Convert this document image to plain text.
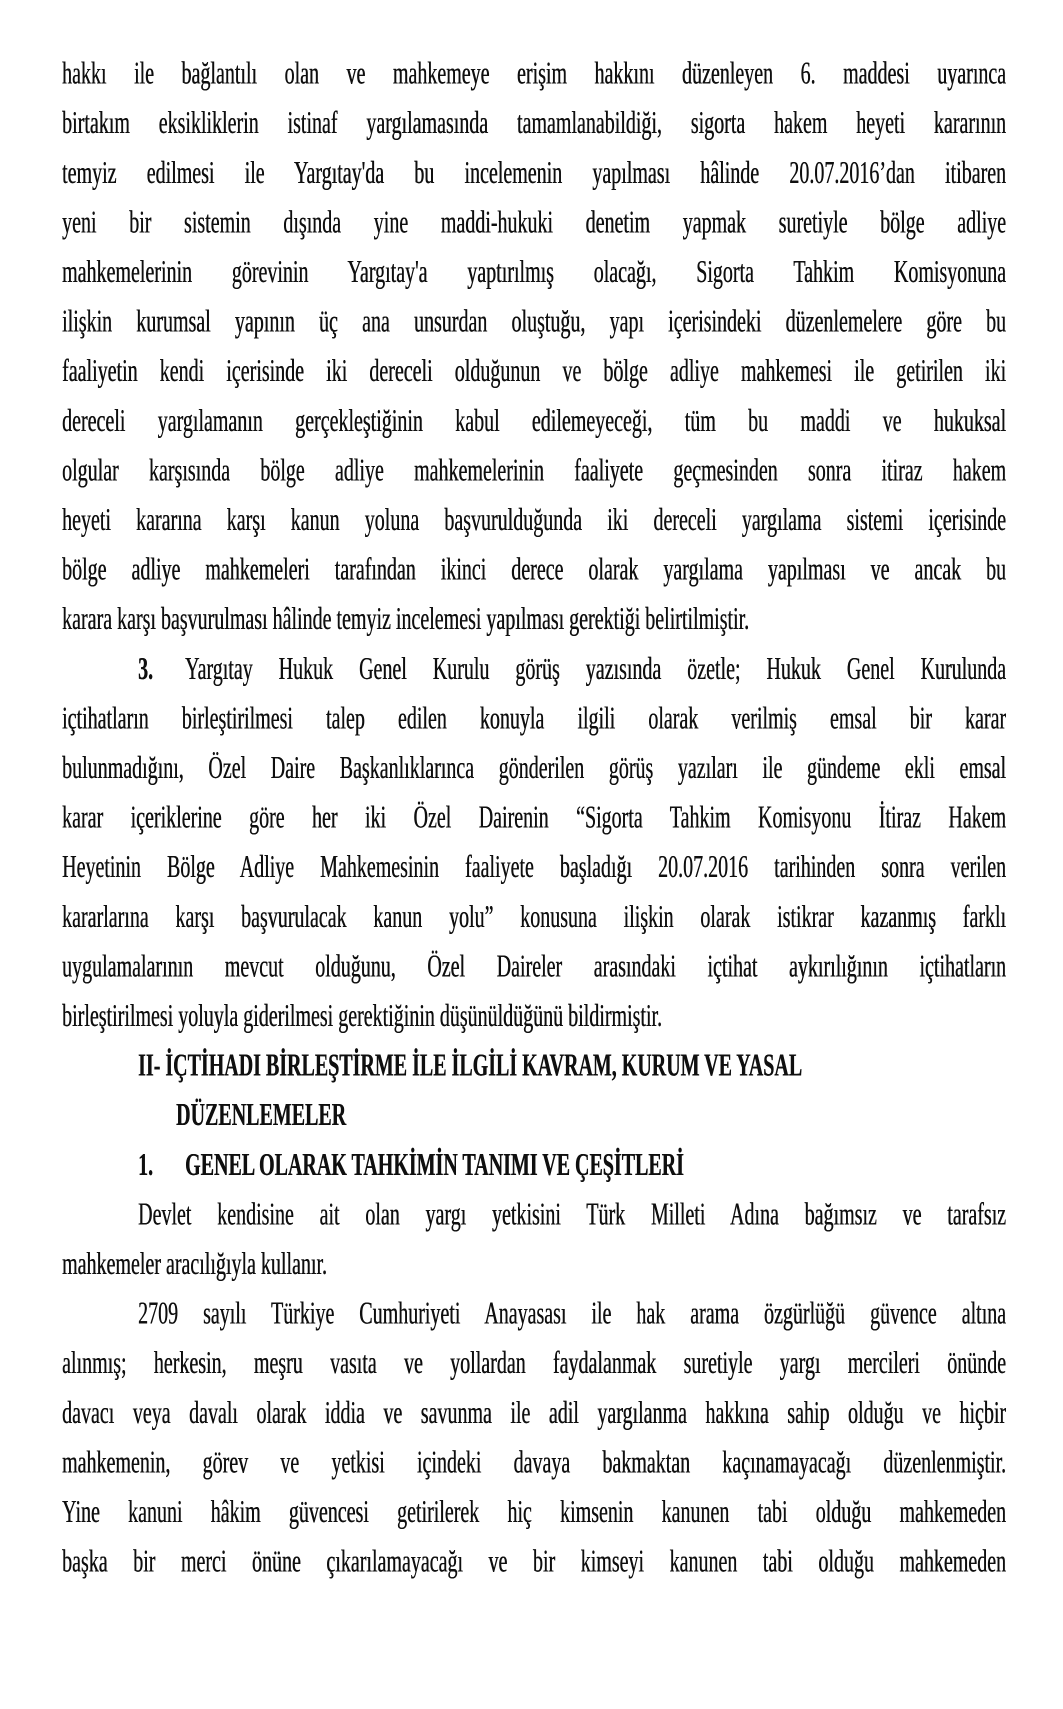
hakkı ile bağlantılı olan ve mahkemeye erişim hakkını düzenleyen 6. maddesi uyarınca
birtakım eksikliklerin istinaf yargılamasında tamamlanabildiği, sigorta hakem heyeti kararının
temyiz edilmesi ile Yargıtay'da bu incelemenin yapılması hâlinde 20.07.2016’dan itibaren
yeni bir sistemin dışında yine maddi-hukuki denetim yapmak suretiyle bölge adliye
mahkemelerinin görevinin Yargıtay'a yaptırılmış olacağı, Sigorta Tahkim Komisyonuna
ilişkin kurumsal yapının üç ana unsurdan oluştuğu, yapı içerisindeki düzenlemelere göre bu
faaliyetin kendi içerisinde iki dereceli olduğunun ve bölge adliye mahkemesi ile getirilen iki
dereceli yargılamanın gerçekleştiğinin kabul edilemeyeceği, tüm bu maddi ve hukuksal
olgular karşısında bölge adliye mahkemelerinin faaliyete geçmesinden sonra itiraz hakem
heyeti kararına karşı kanun yoluna başvurulduğunda iki dereceli yargılama sistemi içerisinde
bölge adliye mahkemeleri tarafından ikinci derece olarak yargılama yapılması ve ancak bu
karara karşı başvurulması hâlinde temyiz incelemesi yapılması gerektiği belirtilmiştir.
3. Yargıtay Hukuk Genel Kurulu görüş yazısında özetle; Hukuk Genel Kurulunda
içtihatların birleştirilmesi talep edilen konuyla ilgili olarak verilmiş emsal bir karar
bulunmadığını, Özel Daire Başkanlıklarınca gönderilen görüş yazıları ile gündeme ekli emsal
karar içeriklerine göre her iki Özel Dairenin “Sigorta Tahkim Komisyonu İtiraz Hakem
Heyetinin Bölge Adliye Mahkemesinin faaliyete başladığı 20.07.2016 tarihinden sonra verilen
kararlarına karşı başvurulacak kanun yolu” konusuna ilişkin olarak istikrar kazanmış farklı
uygulamalarının mevcut olduğunu, Özel Daireler arasındaki içtihat aykırılığının içtihatların
birleştirilmesi yoluyla giderilmesi gerektiğinin düşünüldüğünü bildirmiştir.
II- İÇTİHADI BİRLEŞTİRME İLE İLGİLİ KAVRAM, KURUM VE YASAL
DÜZENLEMELER
1. GENEL OLARAK TAHKİMİN TANIMI VE ÇEŞİTLERİ
Devlet kendisine ait olan yargı yetkisini Türk Milleti Adına bağımsız ve tarafsız
mahkemeler aracılığıyla kullanır.
2709 sayılı Türkiye Cumhuriyeti Anayasası ile hak arama özgürlüğü güvence altına
alınmış; herkesin, meşru vasıta ve yollardan faydalanmak suretiyle yargı mercileri önünde
davacı veya davalı olarak iddia ve savunma ile adil yargılanma hakkına sahip olduğu ve hiçbir
mahkemenin, görev ve yetkisi içindeki davaya bakmaktan kaçınamayacağı düzenlenmiştir.
Yine kanuni hâkim güvencesi getirilerek hiç kimsenin kanunen tabi olduğu mahkemeden
başka bir merci önüne çıkarılamayacağı ve bir kimseyi kanunen tabi olduğu mahkemeden
